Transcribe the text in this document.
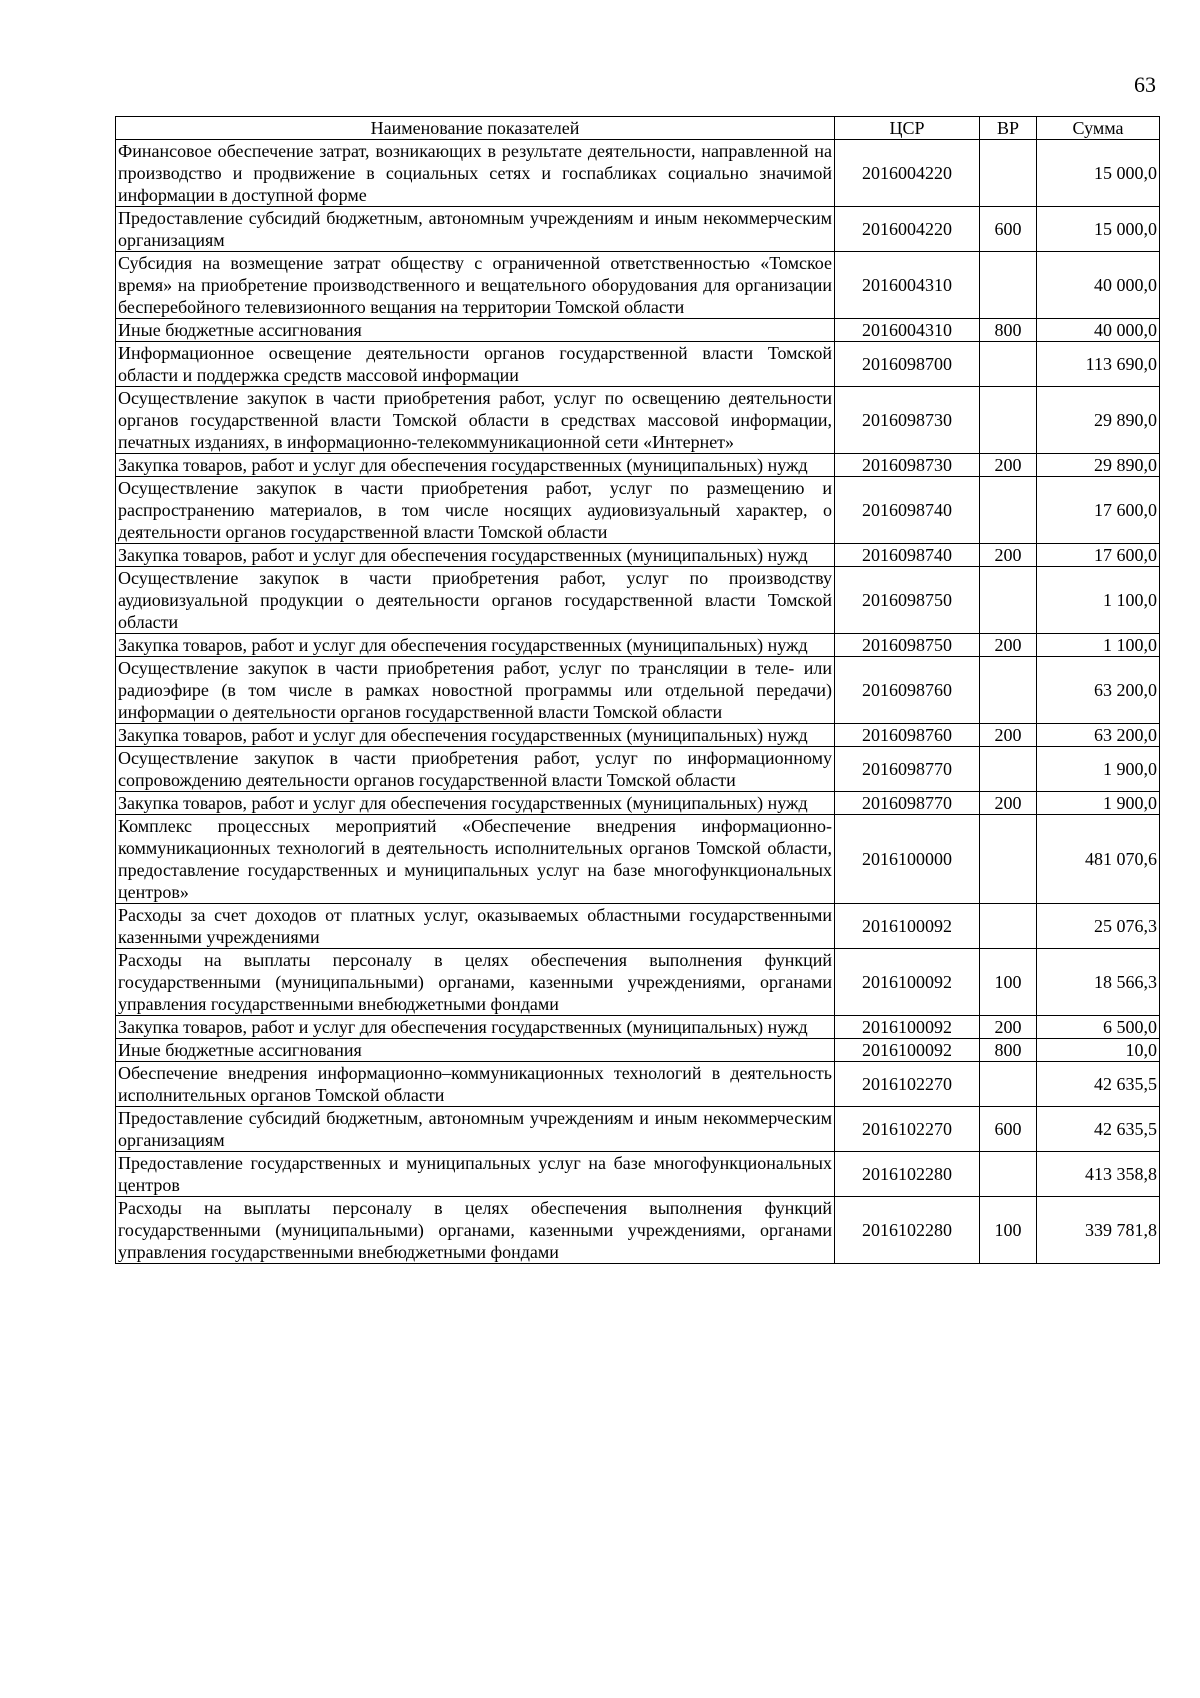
63
Наименование показателей	ЦСР	ВР	Сумма
Финансовое обеспечение затрат, возникающих в результате деятельности, направленной на производство и продвижение в социальных сетях и госпабликах социально значимой информации в доступной форме	2016004220		15 000,0
Предоставление субсидий бюджетным, автономным учреждениям и иным некоммерческим организациям	2016004220	600	15 000,0
Субсидия на возмещение затрат обществу с ограниченной ответственностью «Томское время» на приобретение производственного и вещательного оборудования для организации бесперебойного телевизионного вещания на территории Томской области	2016004310		40 000,0
Иные бюджетные ассигнования	2016004310	800	40 000,0
Информационное освещение деятельности органов государственной власти Томской области и поддержка средств массовой информации	2016098700		113 690,0
Осуществление закупок в части приобретения работ, услуг по освещению деятельности органов государственной власти Томской области в средствах массовой информации, печатных изданиях, в информационно-телекоммуникационной сети «Интернет»	2016098730		29 890,0
Закупка товаров, работ и услуг для обеспечения государственных (муниципальных) нужд	2016098730	200	29 890,0
Осуществление закупок в части приобретения работ, услуг по размещению и распространению материалов, в том числе носящих аудиовизуальный характер, о деятельности органов государственной власти Томской области	2016098740		17 600,0
Закупка товаров, работ и услуг для обеспечения государственных (муниципальных) нужд	2016098740	200	17 600,0
Осуществление закупок в части приобретения работ, услуг по производству аудиовизуальной продукции о деятельности органов государственной власти Томской области	2016098750		1 100,0
Закупка товаров, работ и услуг для обеспечения государственных (муниципальных) нужд	2016098750	200	1 100,0
Осуществление закупок в части приобретения работ, услуг по трансляции в теле- или радиоэфире (в том числе в рамках новостной программы или отдельной передачи) информации о деятельности органов государственной власти Томской области	2016098760		63 200,0
Закупка товаров, работ и услуг для обеспечения государственных (муниципальных) нужд	2016098760	200	63 200,0
Осуществление закупок в части приобретения работ, услуг по информационному сопровождению деятельности органов государственной власти Томской области	2016098770		1 900,0
Закупка товаров, работ и услуг для обеспечения государственных (муниципальных) нужд	2016098770	200	1 900,0
Комплекс процессных мероприятий «Обеспечение внедрения информационно-коммуникационных технологий в деятельность исполнительных органов Томской области, предоставление государственных и муниципальных услуг на базе многофункциональных центров»	2016100000		481 070,6
Расходы за счет доходов от платных услуг, оказываемых областными государственными казенными учреждениями	2016100092		25 076,3
Расходы на выплаты персоналу в целях обеспечения выполнения функций государственными (муниципальными) органами, казенными учреждениями, органами управления государственными внебюджетными фондами	2016100092	100	18 566,3
Закупка товаров, работ и услуг для обеспечения государственных (муниципальных) нужд	2016100092	200	6 500,0
Иные бюджетные ассигнования	2016100092	800	10,0
Обеспечение внедрения информационно–коммуникационных технологий в деятельность исполнительных органов Томской области	2016102270		42 635,5
Предоставление субсидий бюджетным, автономным учреждениям и иным некоммерческим организациям	2016102270	600	42 635,5
Предоставление государственных и муниципальных услуг на базе многофункциональных центров	2016102280		413 358,8
Расходы на выплаты персоналу в целях обеспечения выполнения функций государственными (муниципальными) органами, казенными учреждениями, органами управления государственными внебюджетными фондами	2016102280	100	339 781,8
